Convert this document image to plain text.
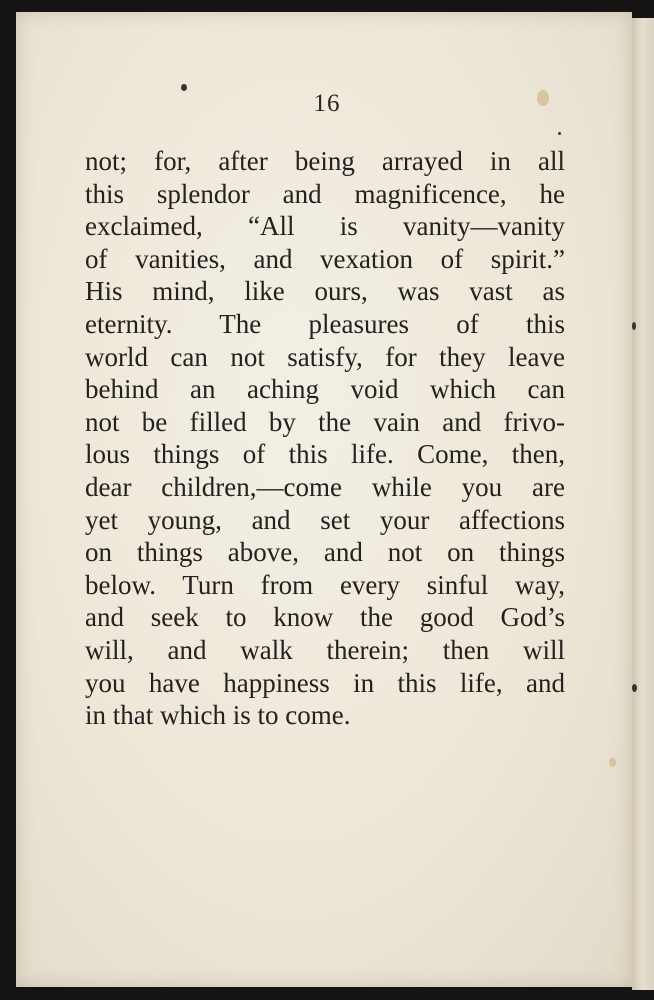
16
not; for, after being arrayed in all
this splendor and magnificence, he
exclaimed, “All is vanity—vanity
of vanities, and vexation of spirit.”
His mind, like ours, was vast as
eternity. The pleasures of this
world can not satisfy, for they leave
behind an aching void which can
not be filled by the vain and frivo-
lous things of this life. Come, then,
dear children,—come while you are
yet young, and set your affections
on things above, and not on things
below. Turn from every sinful way,
and seek to know the good God’s
will, and walk therein; then will
you have happiness in this life, and
in that which is to come.
